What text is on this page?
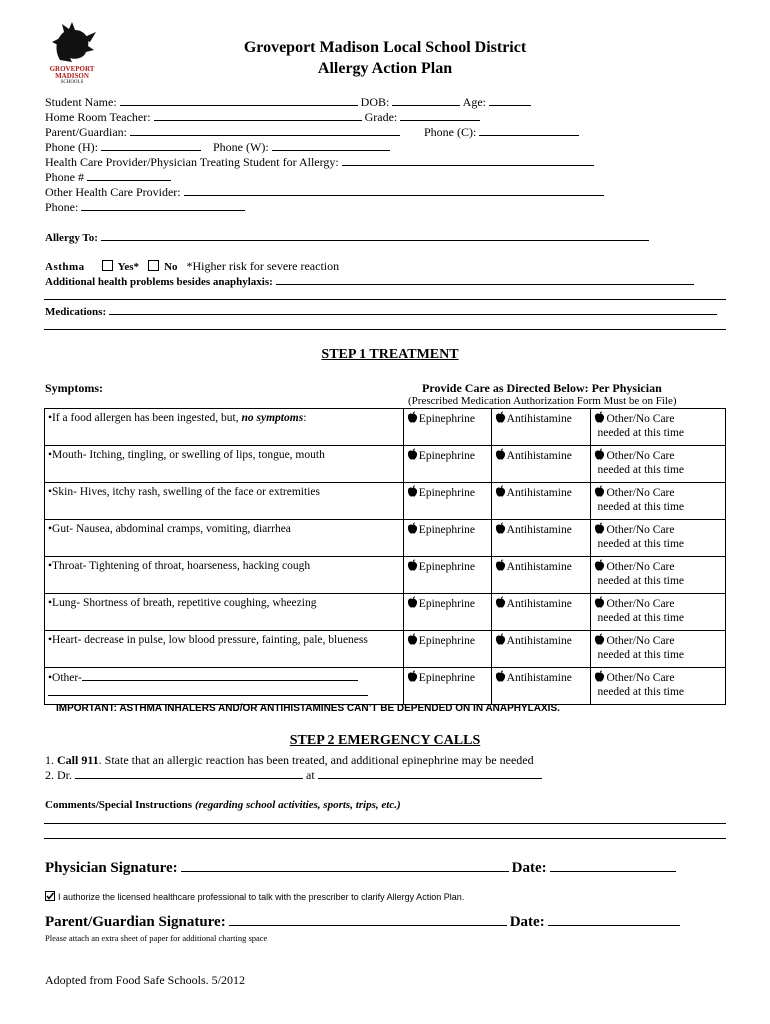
GROVEPORT
MADISON
SCHOOLS
Groveport Madison Local School District
Allergy Action Plan
Student Name:	DOB:	Age:
Home Room Teacher:	Grade:
Parent/Guardian:	Phone (C):
Phone (H):	Phone (W):
Health Care Provider/Physician Treating Student for Allergy:
Phone #
Other Health Care Provider:
Phone:
Allergy To:
Asthma	Yes* No *Higher risk for severe reaction
Additional health problems besides anaphylaxis:
Medications:
STEP 1 TREATMENT
Symptoms:	Provide Care as Directed Below: Per Physician
(Prescribed Medication Authorization Form Must be on File)
•If a food allergen has been ingested, but, no symptoms:	Epinephrine	Antihistamine	Other/No Care
needed at this time
•Mouth- Itching, tingling, or swelling of lips, tongue, mouth	Epinephrine	Antihistamine	Other/No Care
needed at this time
•Skin- Hives, itchy rash, swelling of the face or extremities	Epinephrine	Antihistamine	Other/No Care
needed at this time
•Gut- Nausea, abdominal cramps, vomiting, diarrhea	Epinephrine	Antihistamine	Other/No Care
needed at this time
•Throat- Tightening of throat, hoarseness, hacking cough	Epinephrine	Antihistamine	Other/No Care
needed at this time
•Lung- Shortness of breath, repetitive coughing, wheezing	Epinephrine	Antihistamine	Other/No Care
needed at this time
•Heart- decrease in pulse, low blood pressure, fainting, pale, blueness	Epinephrine	Antihistamine	Other/No Care
needed at this time
•Other-	Epinephrine	Antihistamine	Other/No Care
needed at this time
IMPORTANT: ASTHMA INHALERS AND/OR ANTIHISTAMINES CAN’T BE DEPENDED ON IN ANAPHYLAXIS.
STEP 2 EMERGENCY CALLS
1. Call 911. State that an allergic reaction has been treated, and additional epinephrine may be needed
2. Dr.	at
Comments/Special Instructions (regarding school activities, sports, trips, etc.)
Physician Signature:	Date:
I authorize the licensed healthcare professional to talk with the prescriber to clarify Allergy Action Plan.
Parent/Guardian Signature:	Date:
Please attach an extra sheet of paper for additional charting space
Adopted from Food Safe Schools. 5/2012
